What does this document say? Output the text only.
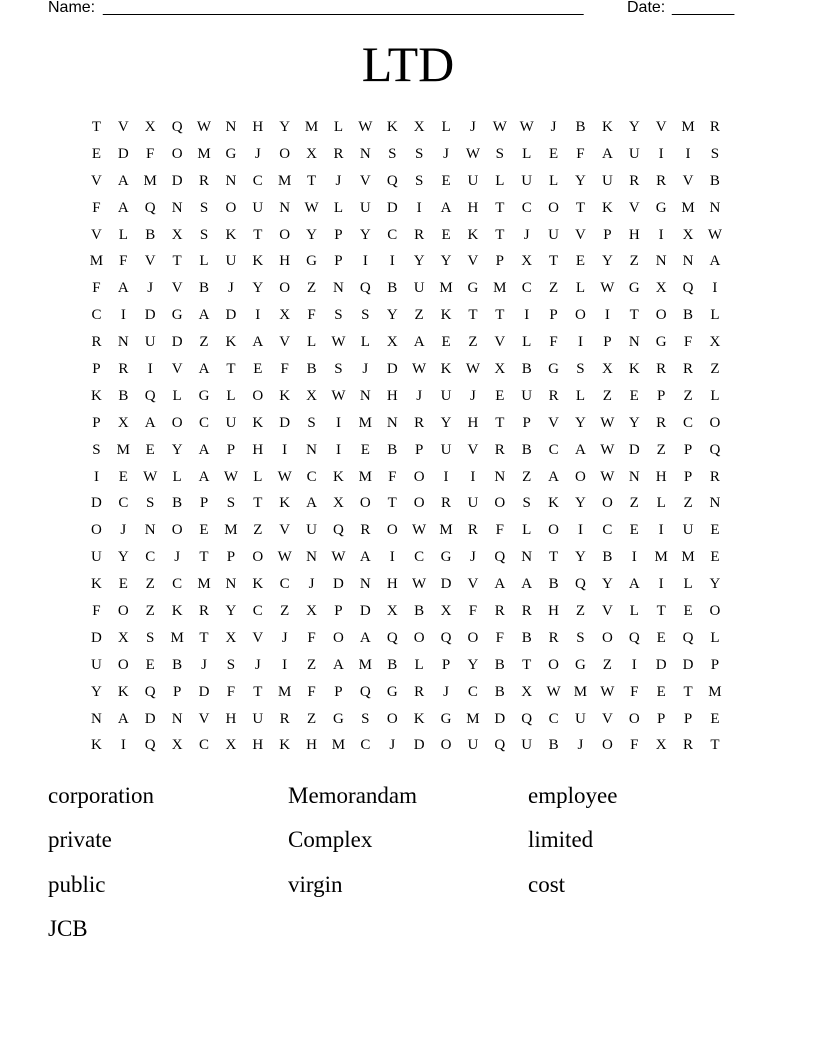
Name: ______________________________________________________	Date: _______
LTD
T	V	X	Q W N	H	Y M	L	W K	X	L	J	W W	J	B	K	Y	V M	R
E	D	F	O M G	J	O	X	R	N	S	S	J	W	S	L	E	F	A	U	I	I	S
V	A M D	R	N	C	M	T	J	V	Q	S	E	U	L	U	L	Y	U	R	R	V	B
F	A	Q	N	S	O	U	N W	L	U	D	I	A	H	T	C	O	T	K	V	G M N
V	L	B	X	S	K	T	O	Y	P	Y	C	R	E	K	T	J	U	V	P	H	I	X W
M	F	V	T	L	U	K	H	G	P	I	I	Y	Y	V	P	X	T	E	Y	Z	N	N	A
F	A	J	V	B	J	Y	O	Z	N	Q	B	U M G M	C	Z	L	W G	X	Q	I
C	I	D	G	A	D	I	X	F	S	S	Y	Z	K	T	T	I	P	O	I	T	O	B	L
R	N	U	D	Z	K	A	V	L	W	L	X	A	E	Z	V	L	F	I	P	N	G	F	X
P	R	I	V	A	T	E	F	B	S	J	D W K W X	B	G	S	X	K	R	R	Z
K	B	Q	L	G	L	O	K	X W N	H	J	U	J	E	U	R	L	Z	E	P	Z	L
P	X	A	O	C	U	K	D	S	I	M N	R	Y	H	T	P	V	Y W Y	R	C	O
S	M	E	Y	A	P	H	I	N	I	E	B	P	U	V	R	B	C	A W D	Z	P	Q
I	E	W	L	A W	L	W C	K M	F	O	I	I	N	Z	A	O W N	H	P	R
D	C	S	B	P	S	T	K	A	X	O	T	O	R	U	O	S	K	Y	O	Z	L	Z	N
O	J	N	O	E	M	Z	V	U	Q	R	O W M	R	F	L	O	I	C	E	I	U	E
U	Y	C	J	T	P	O W N W A	I	C	G	J	Q	N	T	Y	B	I	M M	E
K	E	Z	C	M N	K	C	J	D	N	H W D	V	A	A	B	Q	Y	A	I	L	Y
F	O	Z	K	R	Y	C	Z	X	P	D	X	B	X	F	R	R	H	Z	V	L	T	E	O
D	X	S	M	T	X	V	J	F	O	A	Q	O	Q	O	F	B	R	S	O	Q	E	Q	L
U	O	E	B	J	S	J	I	Z	A M	B	L	P	Y	B	T	O	G	Z	I	D	D	P
Y	K	Q	P	D	F	T	M	F	P	Q	G	R	J	C	B	X W M W	F	E	T	M
N	A	D	N	V	H	U	R	Z	G	S	O	K	G M D	Q	C	U	V	O	P	P	E
K	I	Q	X	C	X	H	K	H M	C	J	D	O	U	Q	U	B	J	O	F	X	R	T
corporation	Memorandam	employee
private	Complex	limited
public	virgin	cost
JCB
